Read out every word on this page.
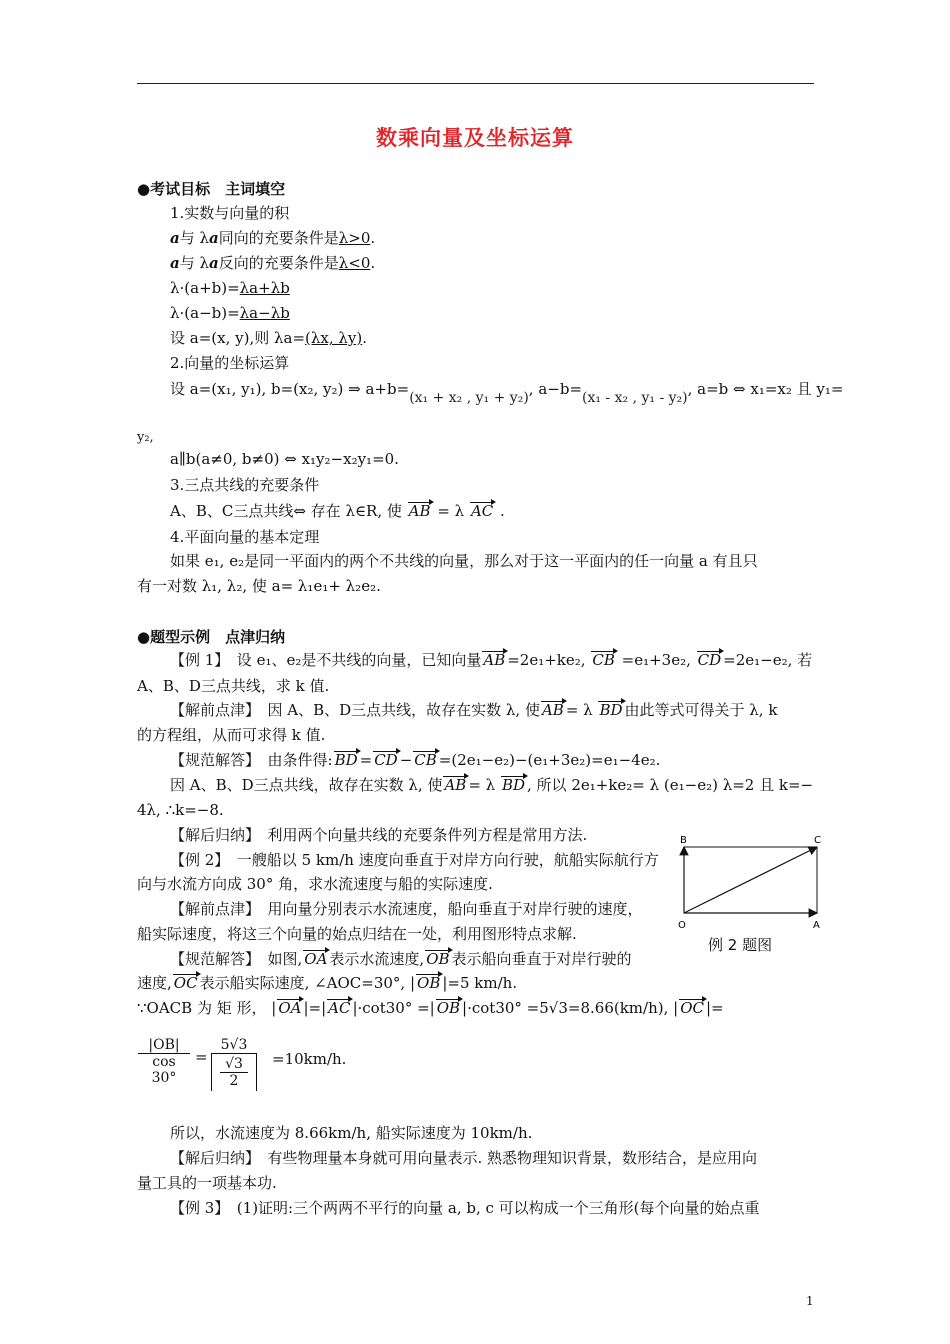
数乘向量及坐标运算
●考试目标　主词填空
1.实数与向量的积
a与 λa同向的充要条件是λ>0.
a与 λa反向的充要条件是λ<0.
λ·(a+b)=λa+λb
λ·(a−b)=λa−λb
设 a=(x, y),则 λa=(λx, λy).
2.向量的坐标运算
设 a=(x₁, y₁), b=(x₂, y₂) ⇒ a+b=(x₁ + x₂ , y₁ + y₂), a−b=(x₁ - x₂ , y₁ - y₂), a=b ⇔ x₁=x₂ 且 y₁=
y₂,
a∥b(a≠0, b≠0) ⇔ x₁y₂−x₂y₁=0.
3.三点共线的充要条件
A、B、C三点共线⇔ 存在 λ∈R, 使 AB = λ AC .
4.平面向量的基本定理
如果 e₁, e₂是同一平面内的两个不共线的向量，那么对于这一平面内的任一向量 a 有且只
有一对数 λ₁, λ₂, 使 a= λ₁e₁+ λ₂e₂.
●题型示例　点津归纳
【例 1】　设 e₁、e₂是不共线的向量，已知向量 AB =2e₁+ke₂, CB =e₁+3e₂, CD =2e₁−e₂, 若
A、B、D三点共线，求 k 值.
【解前点津】　因 A、B、D三点共线，故存在实数 λ, 使 AB = λ BD 由此等式可得关于 λ, k
的方程组，从而可求得 k 值.
【规范解答】　由条件得: BD = CD − CB =(2e₁−e₂)−(e₁+3e₂)=e₁−4e₂.
因 A、B、D三点共线，故存在实数 λ, 使 AB = λ BD , 所以 2e₁+ke₂= λ (e₁−e₂) λ=2 且 k=−
4λ, ∴k=−8.
【解后归纳】　利用两个向量共线的充要条件列方程是常用方法.
【例 2】　一艘船以 5 km/h 速度向垂直于对岸方向行驶，航船实际航行方
向与水流方向成 30° 角，求水流速度与船的实际速度.
【解前点津】　用向量分别表示水流速度，船向垂直于对岸行驶的速度，
船实际速度，将这三个向量的始点归结在一处，利用图形特点求解.
B	C
O	A
例 2 题图
【规范解答】　如图, OA 表示水流速度, OB 表示船向垂直于对岸行驶的
速度, OC 表示船实际速度, ∠AOC=30°, | OB |=5 km/h.
∵OACB 为 矩 形， | OA |=| AC |·cot30° =| OB |·cot30° =5√3=8.66(km/h), | OC |=
$\frac{|OB|}{\cos 30^\circ} = 5√3$
√3
2 =10km/h.
所以，水流速度为 8.66km/h, 船实际速度为 10km/h.
【解后归纳】　有些物理量本身就可用向量表示. 熟悉物理知识背景，数形结合，是应用向
量工具的一项基本功.
【例 3】　(1)证明:三个两两不平行的向量 a, b, c 可以构成一个三角形(每个向量的始点重
1
